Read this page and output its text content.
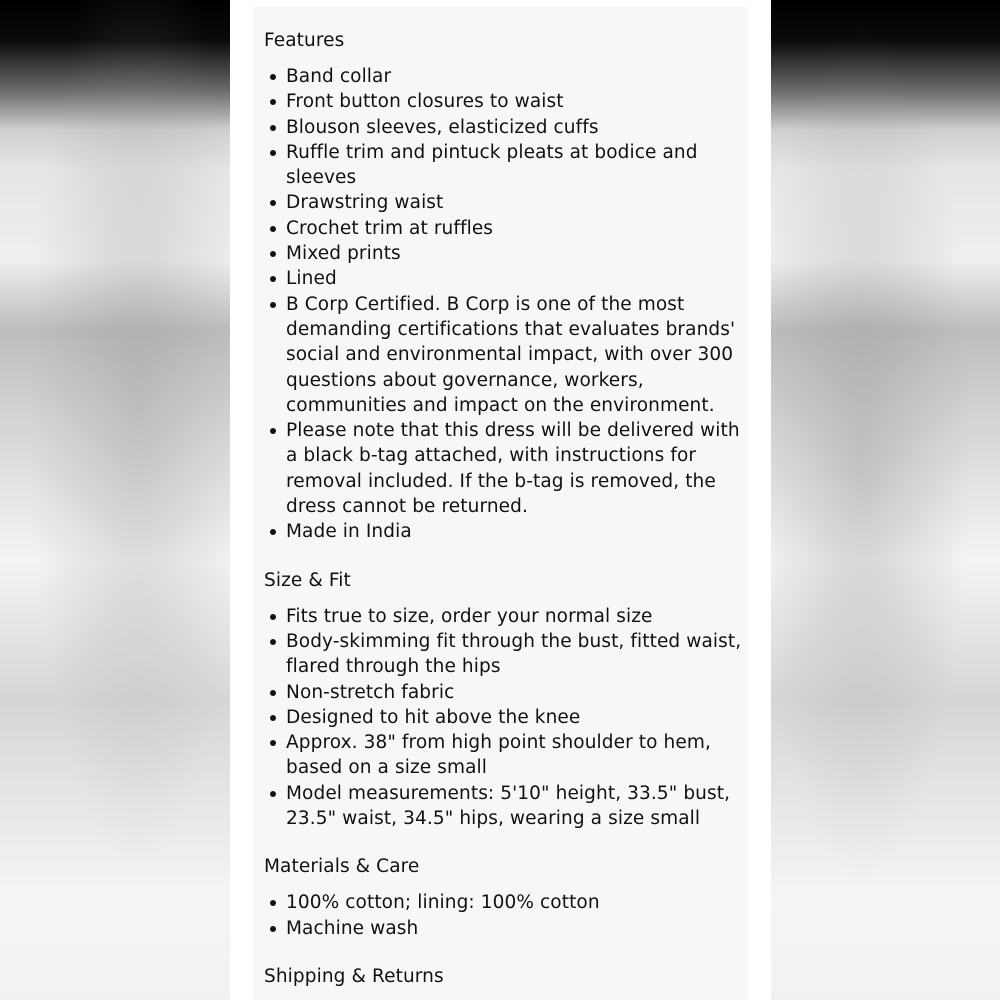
Features
Band collar
Front button closures to waist
Blouson sleeves, elasticized cuffs
Ruffle trim and pintuck pleats at bodice and sleeves
Drawstring waist
Crochet trim at ruffles
Mixed prints
Lined
B Corp Certified. B Corp is one of the most demanding certifications that evaluates brands' social and environmental impact, with over 300 questions about governance, workers, communities and impact on the environment.
Please note that this dress will be delivered with a black b-tag attached, with instructions for removal included. If the b-tag is removed, the dress cannot be returned.
Made in India
Size & Fit
Fits true to size, order your normal size
Body-skimming fit through the bust, fitted waist, flared through the hips
Non-stretch fabric
Designed to hit above the knee
Approx. 38" from high point shoulder to hem, based on a size small
Model measurements: 5'10" height, 33.5" bust, 23.5" waist, 34.5" hips, wearing a size small
Materials & Care
100% cotton; lining: 100% cotton
Machine wash
Shipping & Returns
